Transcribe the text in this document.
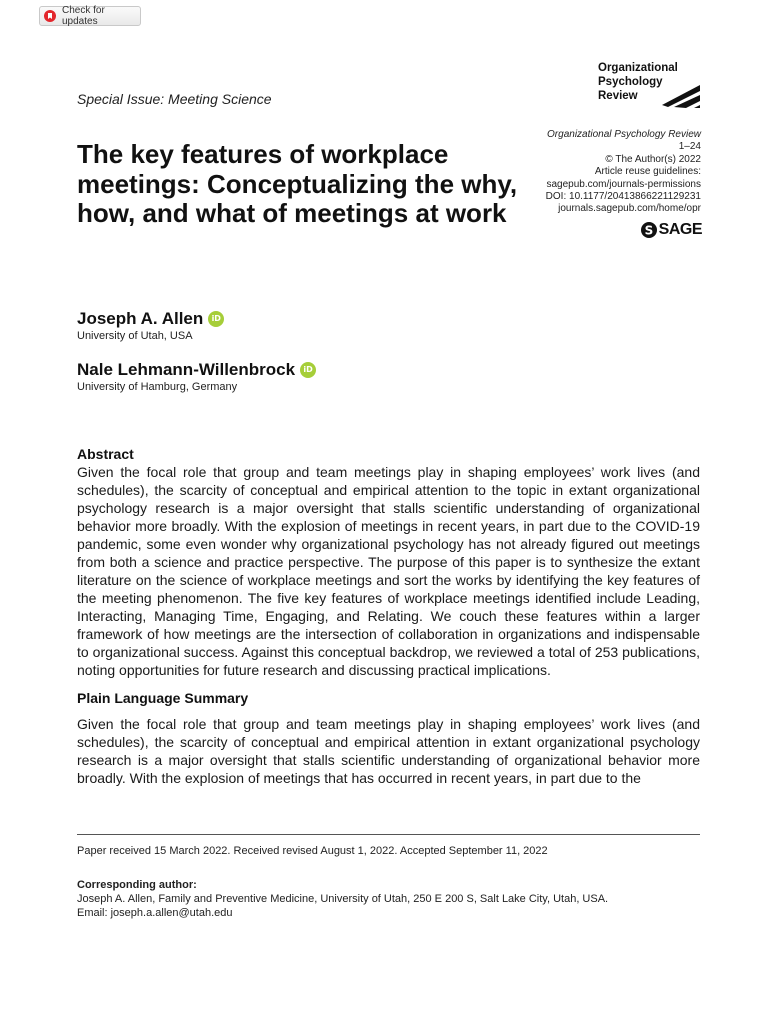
Check for updates
Organizational
Psychology
Review
Special Issue: Meeting Science
The key features of workplace meetings: Conceptualizing the why, how, and what of meetings at work
Organizational Psychology Review
1–24
© The Author(s) 2022
Article reuse guidelines:
sagepub.com/journals-permissions
DOI: 10.1177/20413866221129231
journals.sagepub.com/home/opr
S SAGE
Joseph A. Allen	iD
University of Utah, USA
Nale Lehmann-Willenbrock	iD
University of Hamburg, Germany
Abstract

Given the focal role that group and team meetings play in shaping employees’ work lives (and schedules), the scarcity of conceptual and empirical attention to the topic in extant organizational psychology research is a major oversight that stalls scientific understanding of organizational behavior more broadly. With the explosion of meetings in recent years, in part due to the COVID-19 pandemic, some even wonder why organizational psychology has not already figured out meetings from both a science and practice perspective. The purpose of this paper is to synthesize the extant literature on the science of workplace meetings and sort the works by identifying the key features of the meeting phenomenon. The five key features of workplace meetings identified include Leading, Interacting, Managing Time, Engaging, and Relating. We couch these features within a larger framework of how meetings are the intersection of collaboration in organizations and indispensable to organizational success. Against this conceptual backdrop, we reviewed a total of 253 publications, noting opportunities for future research and discussing practical implications.

Plain Language Summary

Given the focal role that group and team meetings play in shaping employees’ work lives (and schedules), the scarcity of conceptual and empirical attention in extant organizational psychology research is a major oversight that stalls scientific understanding of organizational behavior more broadly. With the explosion of meetings that has occurred in recent years, in part due to the

Paper received 15 March 2022. Received revised August 1, 2022. Accepted September 11, 2022
Corresponding author:
Joseph A. Allen, Family and Preventive Medicine, University of Utah, 250 E 200 S, Salt Lake City, Utah, USA.
Email: joseph.a.allen@utah.edu
